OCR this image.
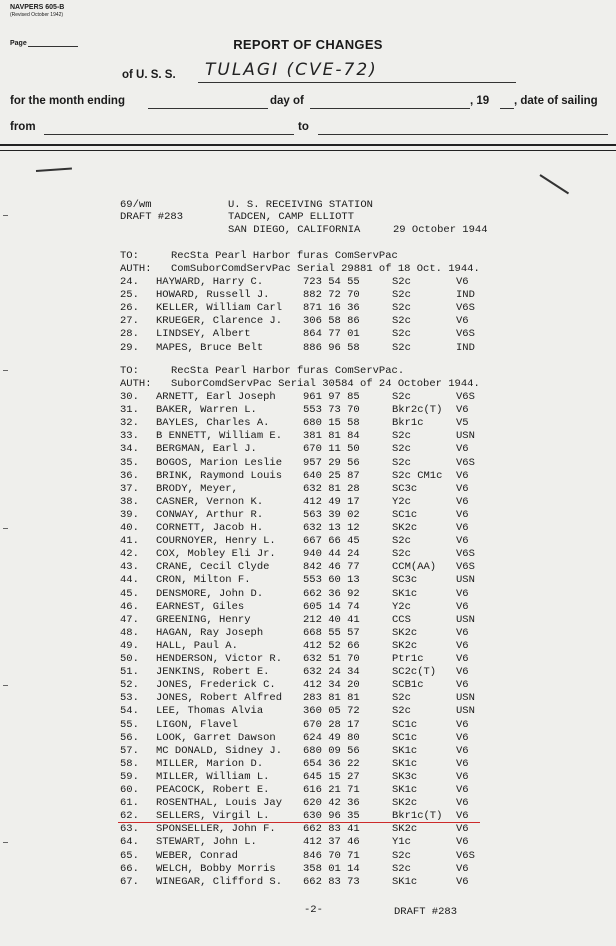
NAVPERS 605-B
(Revised October 1942)
Page	REPORT OF CHANGES
of U. S. S. TULAGI (CVE-72)
for the month ending	day of	, 19 , date of sailing
from	to
69/wm
DRAFT #283
U. S. RECEIVING STATION
TADCEN, CAMP ELLIOTT
SAN DIEGO, CALIFORNIA	29 October 1944
TO:	RecSta Pearl Harbor furas ComServPac
AUTH: ComSuborComdServPac Serial 29881 of 18 Oct. 1944.
24. HAYWARD, Harry C.	723 54 55	S2c	V6
25. HOWARD, Russell J.	882 72 70	S2c	IND
26. KELLER, William Carl 871 16 36	S2c	V6S
27. KRUEGER, Clarence J. 306 58 86	S2c	V6
28. LINDSEY, Albert	864 77 01	S2c	V6S
29. MAPES, Bruce Belt	886 96 58	S2c	IND
TO:	RecSta Pearl Harbor furas ComServPac.
AUTH: SuborComdServPac Serial 30584 of 24 October 1944.
30. ARNETT, Earl Joseph	961 97 85	S2c	V6S
31. BAKER, Warren L.	553 73 70	Bkr2c(T) V6
32. BAYLES, Charles A.	680 15 58	Bkr1c	V5
33. B ENNETT, William E. 381 81 84	S2c	USN
34. BERGMAN, Earl J.	670 11 50	S2c	V6
35. BOGOS, Marion Leslie 957 29 56	S2c	V6S
36. BRINK, Raymond Louis 640 25 87	S2c CM1c V6
37. BRODY, Meyer,	632 81 28	SC3c	V6
38. CASNER, Vernon K.	412 49 17	Y2c	V6
39. CONWAY, Arthur R.	563 39 02	SC1c	V6
40. CORNETT, Jacob H.	632 13 12	SK2c	V6
41. COURNOYER, Henry L.	667 66 45	S2c	V6
42. COX, Mobley Eli Jr.	940 44 24	S2c	V6S
43. CRANE, Cecil Clyde	842 46 77	CCM(AA) V6S
44. CRON, Milton F.	553 60 13	SC3c	USN
45. DENSMORE, John D.	662 36 92	SK1c	V6
46. EARNEST, Giles	605 14 74	Y2c	V6
47. GREENING, Henry	212 40 41	CCS	USN
48. HAGAN, Ray Joseph	668 55 57	SK2c	V6
49. HALL, Paul A.	412 52 66	SK2c	V6
50. HENDERSON, Victor R. 632 51 70	Ptr1c	V6
51. JENKINS, Robert E.	632 24 34	SC2c(T) V6
52. JONES, Frederick C.	412 34 20	SCB1c	V6
53. JONES, Robert Alfred 283 81 81	S2c	USN
54. LEE, Thomas Alvia	360 05 72	S2c	USN
55. LIGON, Flavel	670 28 17	SC1c	V6
56. LOOK, Garret Dawson	624 49 80	SC1c	V6
57. MC DONALD, Sidney J. 680 09 56	SK1c	V6
58. MILLER, Marion D.	654 36 22	SK1c	V6
59. MILLER, William L.	645 15 27	SK3c	V6
60. PEACOCK, Robert E.	616 21 71	SK1c	V6
61. ROSENTHAL, Louis Jay 620 42 36	SK2c	V6
62. SELLERS, Virgil L.	630 96 35	Bkr1c(T) V6
63. SPONSELLER, John F.	662 83 41	SK2c	V6
64. STEWART, John L.	412 37 46	Y1c	V6
65. WEBER, Conrad	846 70 71	S2c	V6S
66. WELCH, Bobby Morris	358 01 14	S2c	V6
67. WINEGAR, Clifford S. 662 83 73	SK1c	V6
-2-	DRAFT #283
